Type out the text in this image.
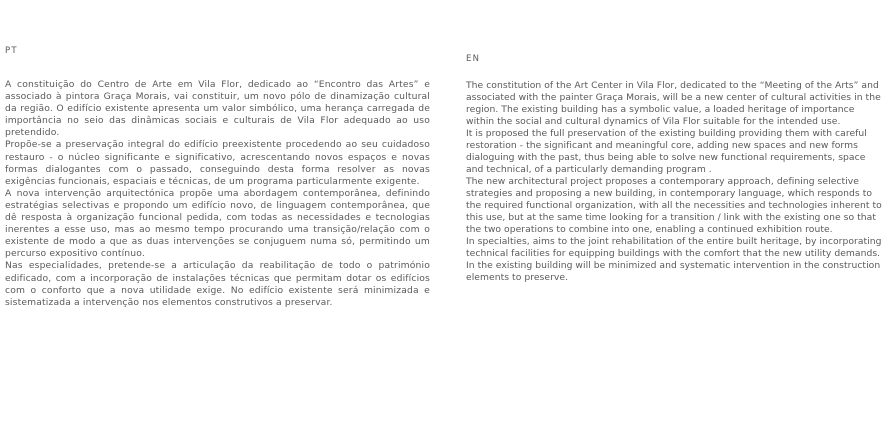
PT

A constituição do Centro de Arte em Vila Flor, dedicado ao “Encontro das Artes” e associado à pintora Graça Morais, vai constituir, um novo pólo de dinamização cultural da região. O edifício existente apresenta um valor simbólico, uma herança carregada de importância no seio das dinâmicas sociais e culturais de Vila Flor adequado ao uso pretendido.

Propõe-se a preservação integral do edifício preexistente procedendo ao seu cuidadoso restauro - o núcleo significante e significativo, acrescentando novos espaços e novas formas dialogantes com o passado, conseguindo desta forma resolver as novas exigências funcionais, espaciais e técnicas, de um programa particularmente exigente.

A nova intervenção arquitectónica propõe uma abordagem contemporânea, definindo estratégias selectivas e propondo um edifício novo, de linguagem contemporânea, que dê resposta à organização funcional pedida, com todas as necessidades e tecnologias inerentes a esse uso, mas ao mesmo tempo procurando uma transição/relação com o existente de modo a que as duas intervenções se conjuguem numa só, permitindo um percurso expositivo contínuo.

Nas especialidades, pretende-se a articulação da reabilitação de todo o património edificado, com a incorporação de instalações técnicas que permitam dotar os edifícios com o conforto que a nova utilidade exige. No edifício existente será minimizada e sistematizada a intervenção nos elementos construtivos a preservar.

EN

The constitution of the Art Center in Vila Flor, dedicated to the “Meeting of the Arts” and associated with the painter Graça Morais, will be a new center of cultural activities in the region. The existing building has a symbolic value, a loaded heritage of importance within the social and cultural dynamics of Vila Flor suitable for the intended use.

It is proposed the full preservation of the existing building providing them with careful restoration - the significant and meaningful core, adding new spaces and new forms dialoguing with the past, thus being able to solve new functional requirements, space and technical, of a particularly demanding program .

The new architectural project proposes a contemporary approach, defining selective strategies and proposing a new building, in contemporary language, which responds to the required functional organization, with all the necessities and technologies inherent to this use, but at the same time looking for a transition / link with the existing one so that the two operations to combine into one, enabling a continued exhibition route.

In specialties, aims to the joint rehabilitation of the entire built heritage, by incorporating technical facilities for equipping buildings with the comfort that the new utility demands. In the existing building will be minimized and systematic intervention in the construction elements to preserve.
